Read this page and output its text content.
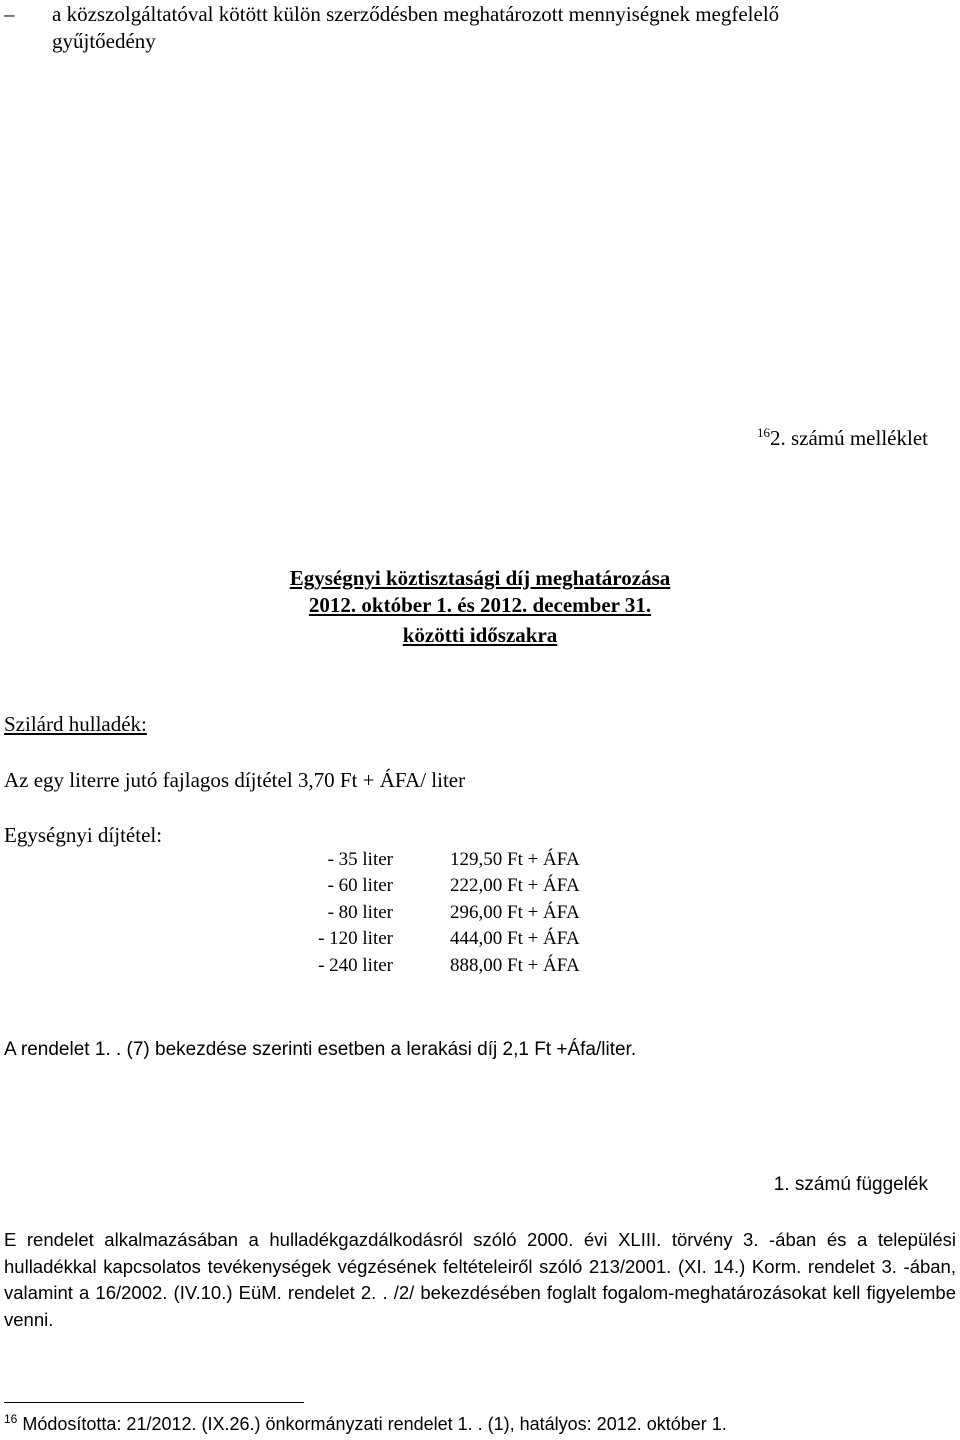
– a közszolgáltatóval kötött külön szerződésben meghatározott mennyiségnek megfelelő
gyűjtőedény
$^{16}$2. számú melléklet
Egységnyi köztisztasági díj meghatározása
2012. október 1. és 2012. december 31.
közötti időszakra
Szilárd hulladék:
Az egy literre jutó fajlagos díjtétel 3,70 Ft + ÁFA/ liter
Egységnyi díjtétel:
- 35 liter	129,50 Ft + ÁFA
- 60 liter	222,00 Ft + ÁFA
- 80 liter	296,00 Ft + ÁFA
- 120 liter	444,00 Ft + ÁFA
- 240 liter	888,00 Ft + ÁFA
A rendelet 1. . (7) bekezdése szerinti esetben a lerakási díj 2,1 Ft +Áfa/liter.
1. számú függelék
E rendelet alkalmazásában a hulladékgazdálkodásról szóló 2000. évi XLIII. törvény 3. -ában és a települési hulladékkal kapcsolatos tevékenységek végzésének feltételeiről szóló 213/2001. (XI. 14.) Korm. rendelet 3. -ában, valamint a 16/2002. (IV.10.) EüM. rendelet 2. . /2/ bekezdésében foglalt fogalom-meghatározásokat kell figyelembe venni.
$^{16}$ Módosította: 21/2012. (IX.26.) önkormányzati rendelet 1. . (1), hatályos: 2012. október 1.
